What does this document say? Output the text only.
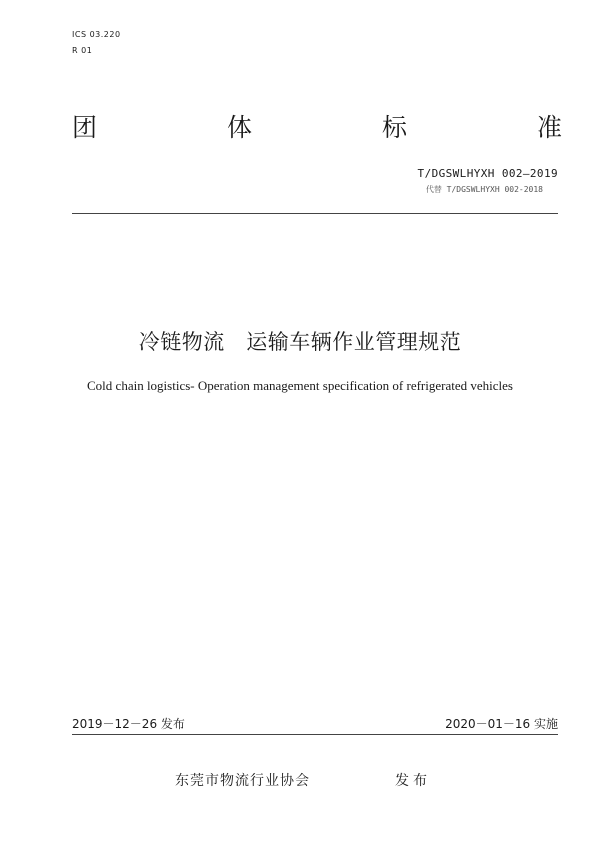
ICS 03.220
R 01
团	体	标	准
T/DGSWLHYXH 002—2019
代替 T/DGSWLHYXH 002-2018
冷链物流　运输车辆作业管理规范
Cold chain logistics- Operation management specification of refrigerated vehicles
2019－12－26 发布	2020－01－16 实施
东莞市物流行业协会	发布
